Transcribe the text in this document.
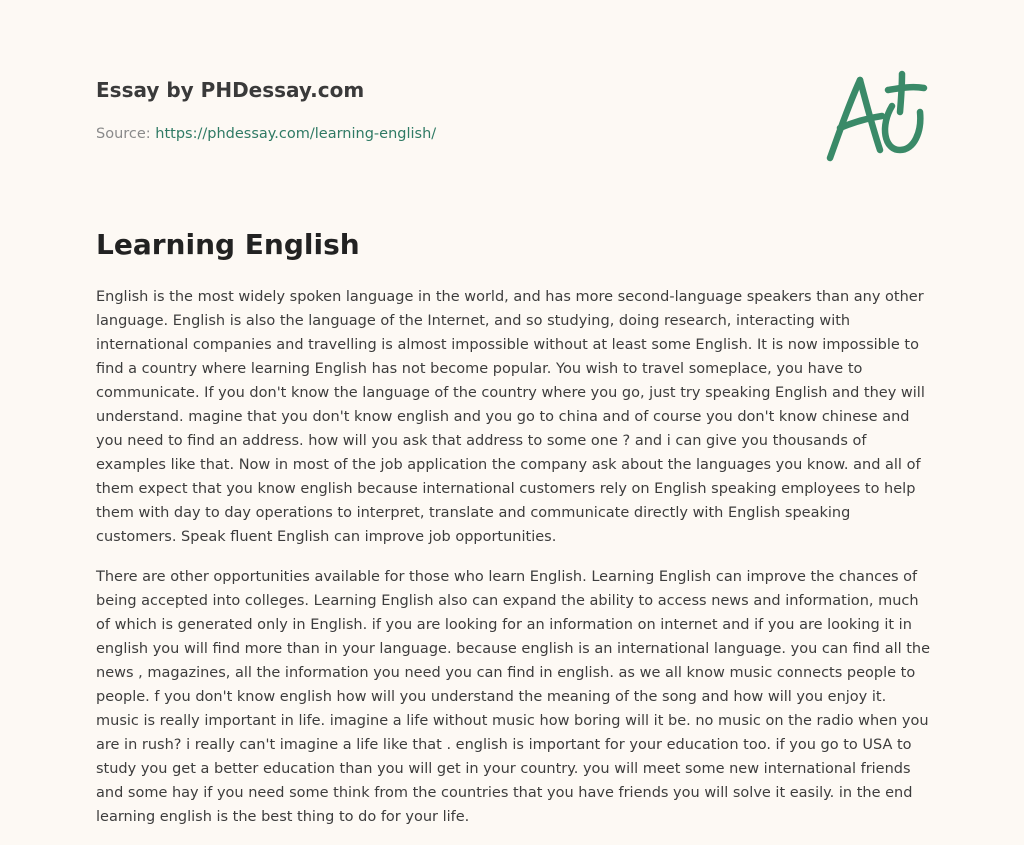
Essay by PHDessay.com
Source: https://phdessay.com/learning-english/
Learning English

English is the most widely spoken language in the world, and has more second-language speakers than any other language. English is also the language of the Internet, and so studying, doing research, interacting with international companies and travelling is almost impossible without at least some English. It is now impossible to find a country where learning English has not become popular. You wish to travel someplace, you have to communicate. If you don't know the language of the country where you go, just try speaking English and they will understand. magine that you don't know english and you go to china and of course you don't know chinese and you need to find an address. how will you ask that address to some one ? and i can give you thousands of examples like that. Now in most of the job application the company ask about the languages you know. and all of them expect that you know english because international customers rely on English speaking employees to help them with day to day operations to interpret, translate and communicate directly with English speaking customers. Speak fluent English can improve job opportunities.

There are other opportunities available for those who learn English. Learning English can improve the chances of being accepted into colleges. Learning English also can expand the ability to access news and information, much of which is generated only in English. if you are looking for an information on internet and if you are looking it in english you will find more than in your language. because english is an international language. you can find all the news , magazines, all the information you need you can find in english. as we all know music connects people to people. f you don't know english how will you understand the meaning of the song and how will you enjoy it. music is really important in life. imagine a life without music how boring will it be. no music on the radio when you are in rush? i really can't imagine a life like that . english is important for your education too. if you go to USA to study you get a better education than you will get in your country. you will meet some new international friends and some hay if you need some think from the countries that you have friends you will solve it easily. in the end learning english is the best thing to do for your life.
